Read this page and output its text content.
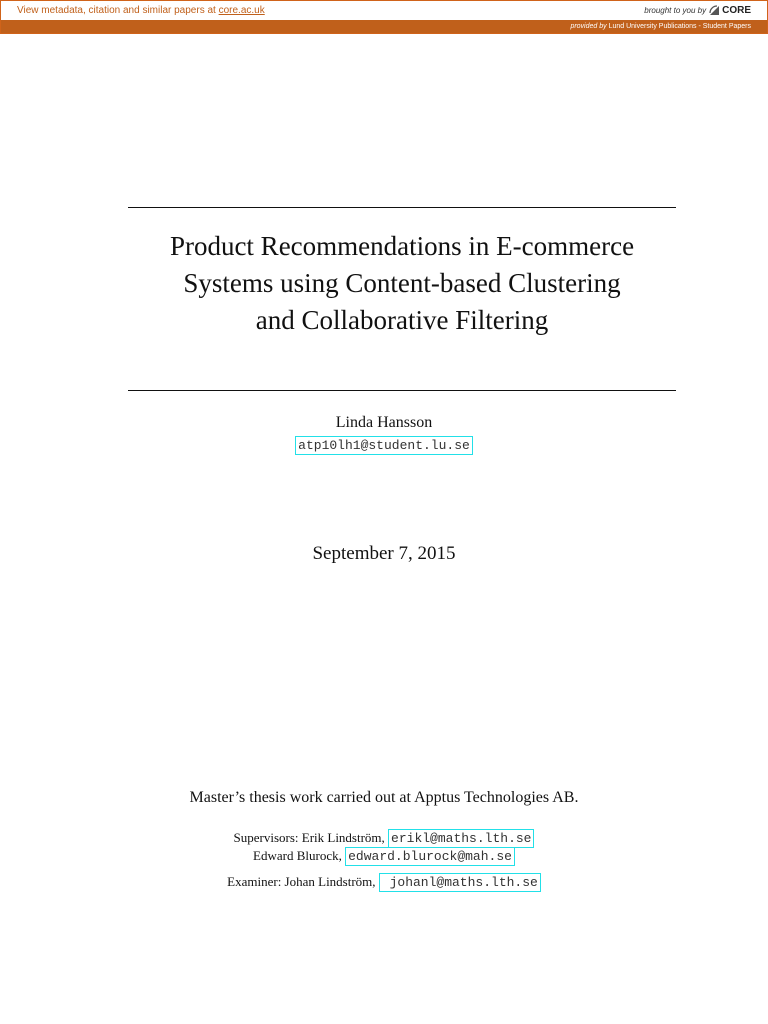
View metadata, citation and similar papers at core.ac.uk	brought to you by CORE
provided by Lund University Publications - Student Papers
Product Recommendations in E-commerce
Systems using Content-based Clustering
and Collaborative Filtering
Linda Hansson
atp10lh1@student.lu.se
September 7, 2015
Master’s thesis work carried out at Apptus Technologies AB.
Supervisors: Erik Lindström, erikl@maths.lth.se
Edward Blurock, edward.blurock@mah.se
Examiner: Johan Lindström,  johanl@maths.lth.se
